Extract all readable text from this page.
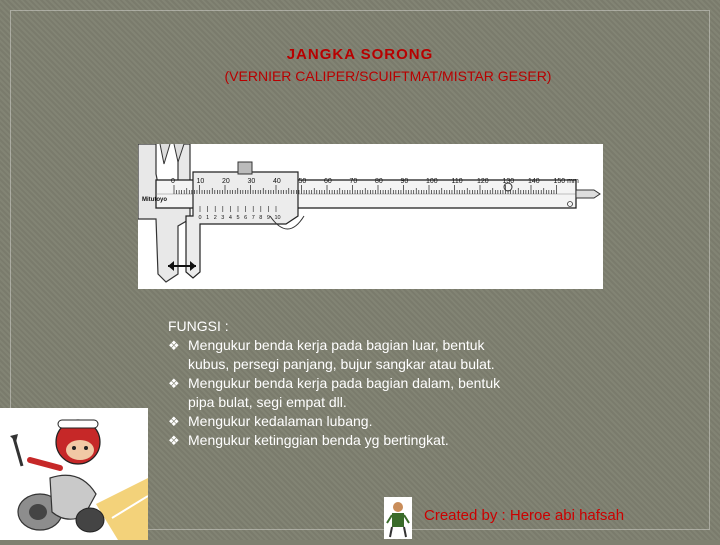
JANGKA SORONG
(VERNIER CALIPER/SCUIFTMAT/MISTAR GESER)
0	10	20	30	40	50	60	70	80	90	100 110 120 130 140 150 mm
0 1 2 3 4 5 6 7 8 9 10
Mitutoyo
FUNGSI :
❖ Mengukur benda kerja pada bagian luar, bentuk kubus, persegi panjang, bujur sangkar atau bulat.
❖ Mengukur benda kerja pada bagian dalam, bentuk pipa bulat, segi empat dll.
❖ Mengukur kedalaman lubang.
❖ Mengukur ketinggian benda yg bertingkat.
Created by : Heroe abi hafsah
